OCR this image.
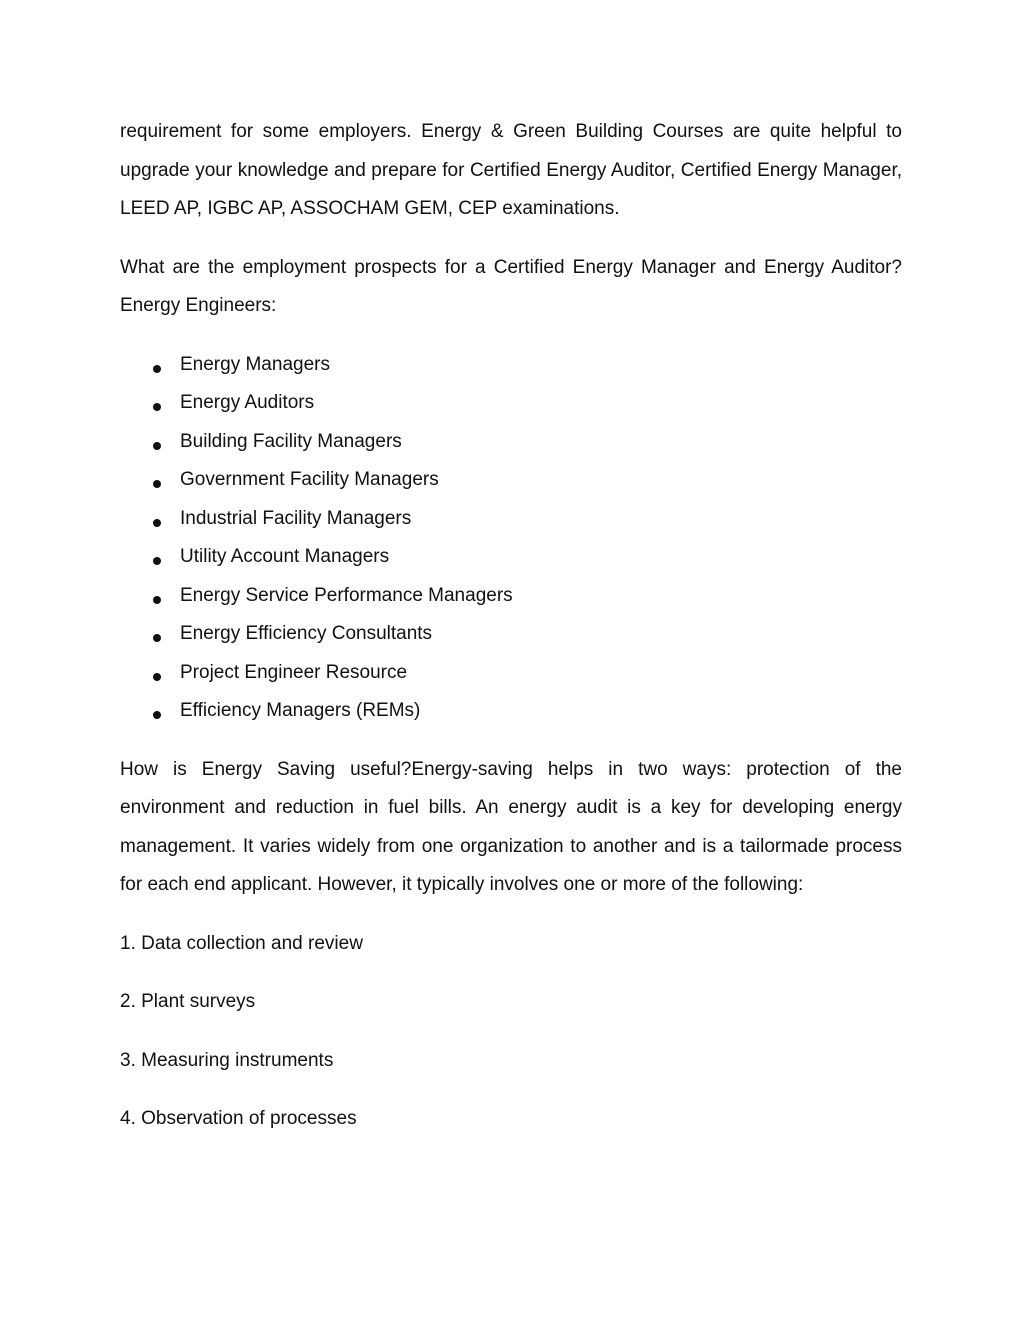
requirement for some employers. Energy & Green Building Courses are quite helpful to upgrade your knowledge and prepare for Certified Energy Auditor, Certified Energy Manager, LEED AP, IGBC AP, ASSOCHAM GEM, CEP examinations.

What are the employment prospects for a Certified Energy Manager and Energy Auditor? Energy Engineers:

Energy Managers
Energy Auditors
Building Facility Managers
Government Facility Managers
Industrial Facility Managers
Utility Account Managers
Energy Service Performance Managers
Energy Efficiency Consultants
Project Engineer Resource
Efficiency Managers (REMs)

How is Energy Saving useful?Energy-saving helps in two ways: protection of the environment and reduction in fuel bills. An energy audit is a key for developing energy management. It varies widely from one organization to another and is a tailormade process for each end applicant. However, it typically involves one or more of the following:

1. Data collection and review

2. Plant surveys

3. Measuring instruments

4. Observation of processes
